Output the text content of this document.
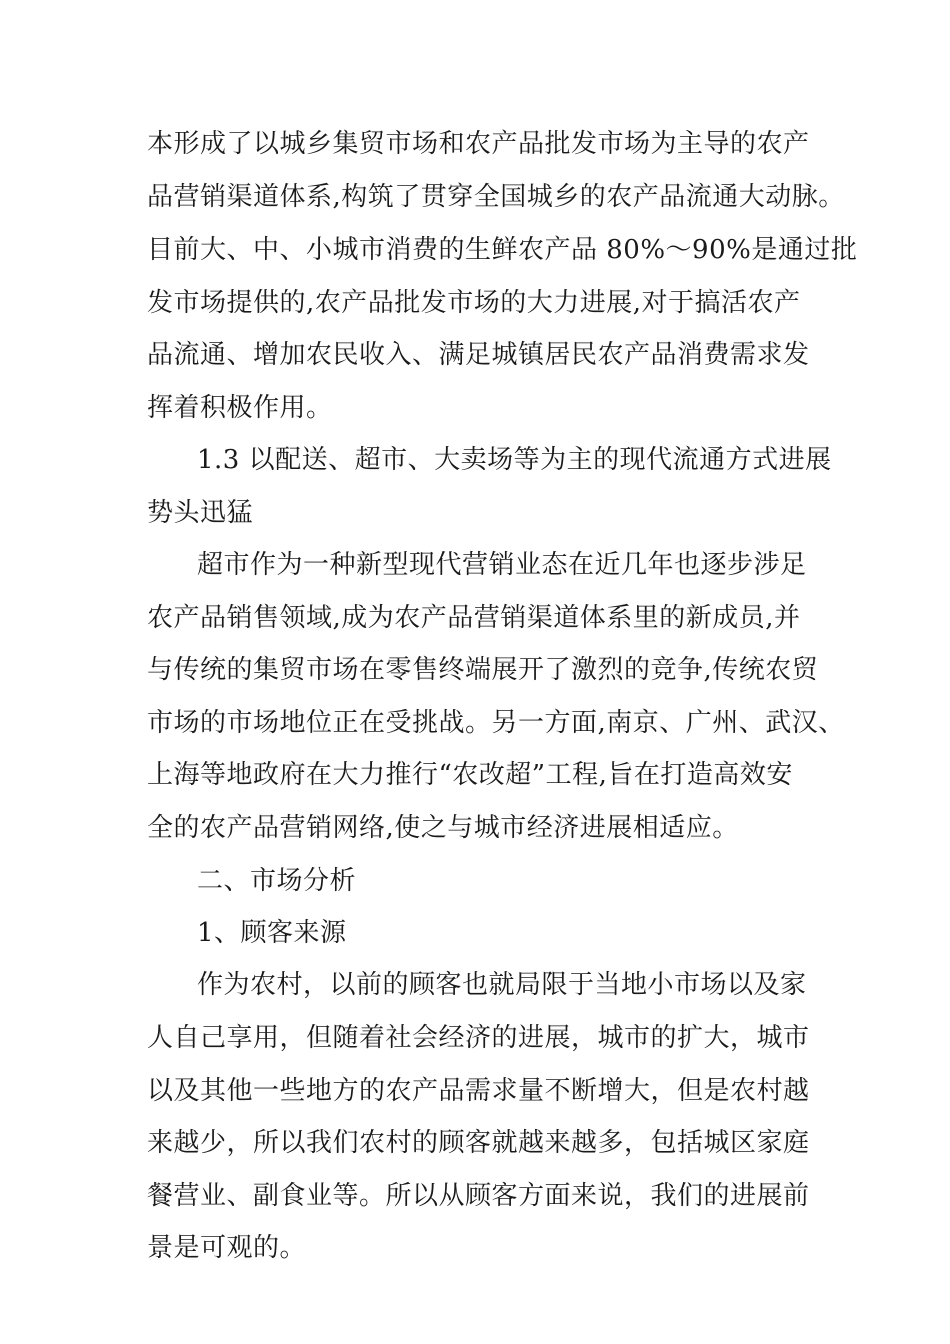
本形成了以城乡集贸市场和农产品批发市场为主导的农产
品营销渠道体系,构筑了贯穿全国城乡的农产品流通大动脉。
目前大、中、小城市消费的生鲜农产品 80%～90%是通过批
发市场提供的,农产品批发市场的大力进展,对于搞活农产
品流通、增加农民收入、满足城镇居民农产品消费需求发
挥着积极作用。
1.3 以配送、超市、大卖场等为主的现代流通方式进展
势头迅猛
超市作为一种新型现代营销业态在近几年也逐步涉足
农产品销售领域,成为农产品营销渠道体系里的新成员,并
与传统的集贸市场在零售终端展开了激烈的竞争,传统农贸
市场的市场地位正在受挑战。另一方面,南京、广州、武汉、
上海等地政府在大力推行“农改超”工程,旨在打造高效安
全的农产品营销网络,使之与城市经济进展相适应。
二、市场分析
1、顾客来源
作为农村，以前的顾客也就局限于当地小市场以及家
人自己享用，但随着社会经济的进展，城市的扩大，城市
以及其他一些地方的农产品需求量不断增大，但是农村越
来越少，所以我们农村的顾客就越来越多，包括城区家庭
餐营业、副食业等。所以从顾客方面来说，我们的进展前
景是可观的。
